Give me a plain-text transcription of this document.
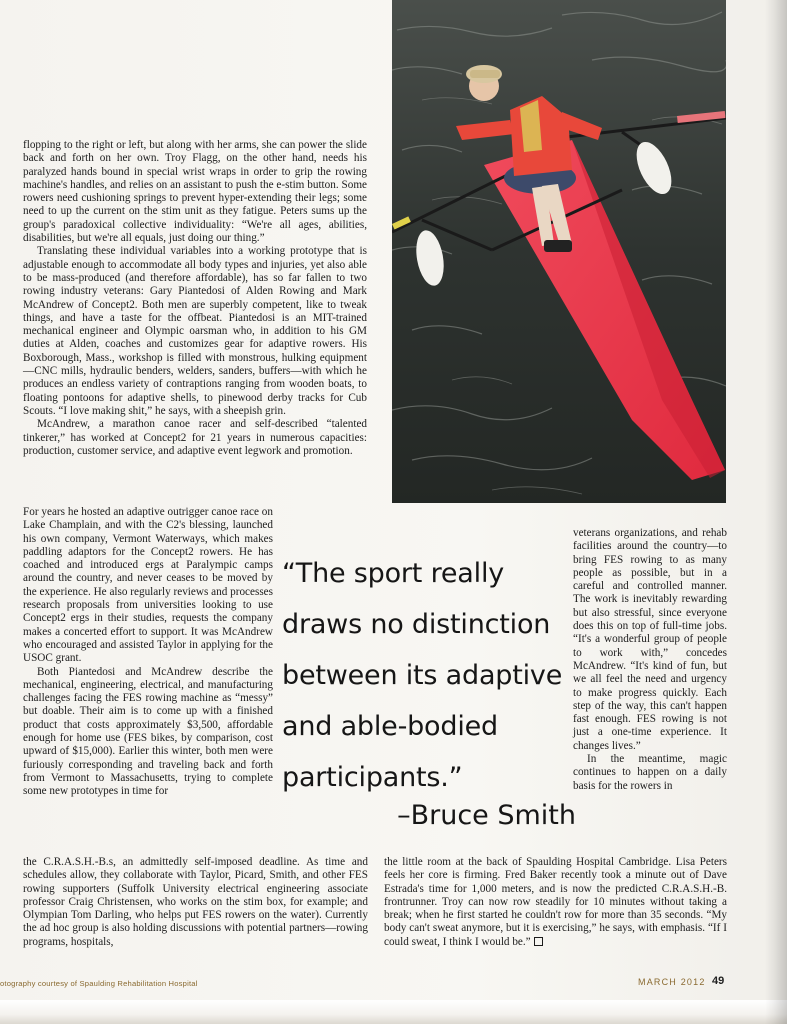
flopping to the right or left, but along with her arms, she can power the slide back and forth on her own. Troy Flagg, on the other hand, needs his paralyzed hands bound in special wrist wraps in order to grip the rowing machine's handles, and relies on an assistant to push the e-stim button. Some rowers need cushioning springs to prevent hyper-extending their legs; some need to up the current on the stim unit as they fatigue. Peters sums up the group's paradoxical collective individuality: “We're all ages, abilities, disabilities, but we're all equals, just doing our thing.”

Translating these individual variables into a working prototype that is adjustable enough to accommodate all body types and injuries, yet also able to be mass-produced (and therefore affordable), has so far fallen to two rowing industry veterans: Gary Piantedosi of Alden Rowing and Mark McAndrew of Concept2. Both men are superbly competent, like to tweak things, and have a taste for the offbeat. Piantedosi is an MIT-trained mechanical engineer and Olympic oarsman who, in addition to his GM duties at Alden, coaches and customizes gear for adaptive rowers. His Boxborough, Mass., workshop is filled with monstrous, hulking equipment—CNC mills, hydraulic benders, welders, sanders, buffers—with which he produces an endless variety of contraptions ranging from wooden boats, to floating pontoons for adaptive shells, to pinewood derby tracks for Cub Scouts. “I love making shit,” he says, with a sheepish grin.

McAndrew, a marathon canoe racer and self-described “talented tinkerer,” has worked at Concept2 for 21 years in numerous capacities: production, customer service, and adaptive event legwork and promotion.

For years he hosted an adaptive outrigger canoe race on Lake Champlain, and with the C2's blessing, launched his own company, Vermont Waterways, which makes paddling adaptors for the Concept2 rowers. He has coached and introduced ergs at Paralympic camps around the country, and never ceases to be moved by the experience. He also regularly reviews and processes research proposals from universities looking to use Concept2 ergs in their studies, requests the company makes a concerted effort to support. It was McAndrew who encouraged and assisted Taylor in applying for the USOC grant.

Both Piantedosi and McAndrew describe the mechanical, engineering, electrical, and manufacturing challenges facing the FES rowing machine as “messy” but doable. Their aim is to come up with a finished product that costs approximately $3,500, affordable enough for home use (FES bikes, by comparison, cost upward of $15,000). Earlier this winter, both men were furiously corresponding and traveling back and forth from Vermont to Massachusetts, trying to complete some new prototypes in time for

the C.R.A.S.H.-B.s, an admittedly self-imposed deadline. As time and schedules allow, they collaborate with Taylor, Picard, Smith, and other FES rowing supporters (Suffolk University electrical engineering associate professor Craig Christensen, who works on the stim box, for example; and Olympian Tom Darling, who helps put FES rowers on the water). Currently the ad hoc group is also holding discussions with potential partners—rowing programs, hospitals,

“The sport really draws no distinction between its adaptive and able-bodied participants.”
–Bruce Smith

veterans organizations, and rehab facilities around the country—to bring FES rowing to as many people as possible, but in a careful and controlled manner. The work is inevitably rewarding but also stressful, since everyone does this on top of full-time jobs. “It's a wonderful group of people to work with,” concedes McAndrew. “It's kind of fun, but we all feel the need and urgency to make progress quickly. Each step of the way, this can't happen fast enough. FES rowing is not just a one-time experience. It changes lives.”

In the meantime, magic continues to happen on a daily basis for the rowers in

the little room at the back of Spaulding Hospital Cambridge. Lisa Peters feels her core is firming. Fred Baker recently took a minute out of Dave Estrada's time for 1,000 meters, and is now the predicted C.R.A.S.H.-B. frontrunner. Troy can now row steadily for 10 minutes without taking a break; when he first started he couldn't row for more than 35 seconds. “My body can't sweat anymore, but it is exercising,” he says, with emphasis. “If I could sweat, I think I would be.”

otography courtesy of Spaulding Rehabilitation Hospital	MARCH 2012 49
